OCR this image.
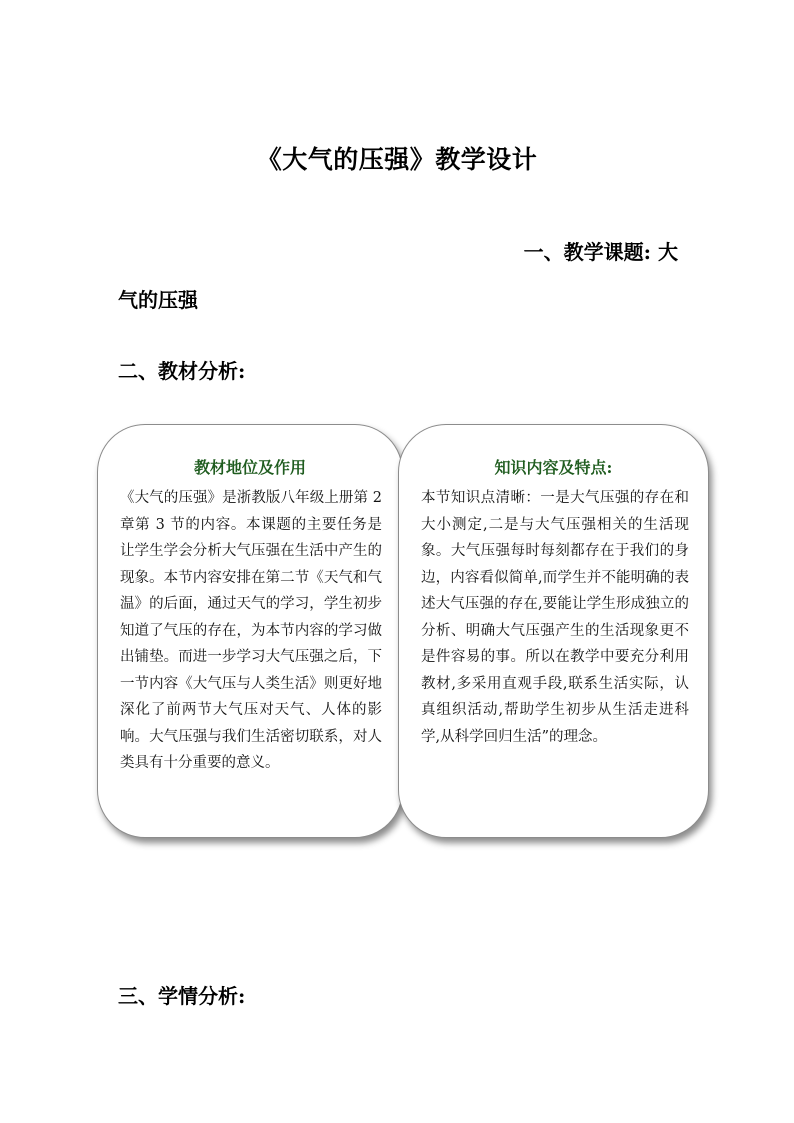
《大气的压强》教学设计
一、教学课题: 大
气的压强
二、教材分析:
教材地位及作用
《大气的压强》是浙教版八年级上册第 2 章第 3 节的内容。本课题的主要任务是让学生学会分析大气压强在生活中产生的现象。本节内容安排在第二节《天气和气温》的后面，通过天气的学习，学生初步知道了气压的存在，为本节内容的学习做出铺垫。而进一步学习大气压强之后，下一节内容《大气压与人类生活》则更好地深化了前两节大气压对天气、人体的影响。大气压强与我们生活密切联系，对人类具有十分重要的意义。
知识内容及特点:
本节知识点清晰：一是大气压强的存在和大小测定,二是与大气压强相关的生活现象。大气压强每时每刻都存在于我们的身边，内容看似简单,而学生并不能明确的表述大气压强的存在,要能让学生形成独立的分析、明确大气压强产生的生活现象更不是件容易的事。所以在教学中要充分利用教材,多采用直观手段,联系生活实际，认真组织活动,帮助学生初步从生活走进科学,从科学回归生活”的理念。
三、学情分析:
